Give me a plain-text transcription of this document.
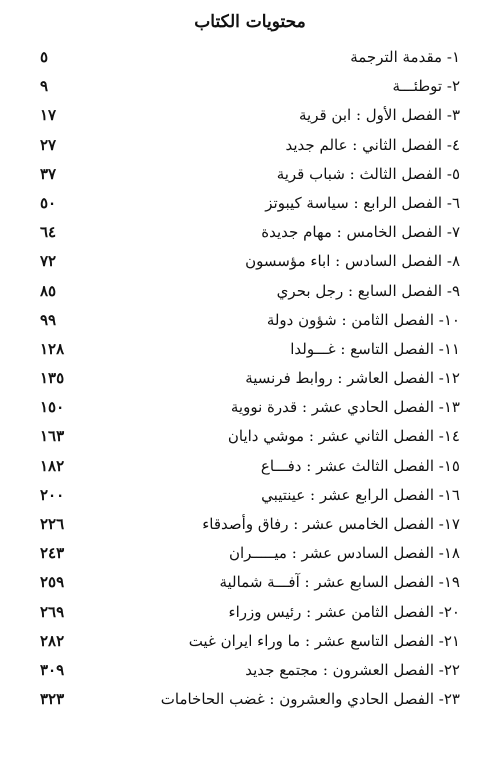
محتويات الكتاب
٥	١- مقدمة الترجمة
٩	٢- توطئـــة
١٧	٣- الفصل الأول : ابن قرية
٢٧	٤- الفصل الثاني : عالم جديد
٣٧	٥- الفصل الثالث : شباب قرية
٥٠	٦- الفصل الرابع : سياسة كيبوتز
٦٤	٧- الفصل الخامس : مهام جديدة
٧٢	٨- الفصل السادس : اباء مؤسسون
٨٥	٩- الفصل السابع : رجل بحري
٩٩	١٠- الفصل الثامن : شؤون دولة
١٢٨	١١- الفصل التاسع : غـــولدا
١٣٥	١٢- الفصل العاشر : روابط فرنسية
١٥٠	١٣- الفصل الحادي عشر : قدرة نووية
١٦٣	١٤- الفصل الثاني عشر : موشي دايان
١٨٢	١٥- الفصل الثالث عشر : دفـــاع
٢٠٠	١٦- الفصل الرابع عشر : عينتيبي
٢٢٦	١٧- الفصل الخامس عشر : رفاق وأصدقاء
٢٤٣	١٨- الفصل السادس عشر : ميـــــران
٢٥٩	١٩- الفصل السابع عشر : آفـــة شمالية
٢٦٩	٢٠- الفصل الثامن عشر : رئيس وزراء
٢٨٢	٢١- الفصل التاسع عشر : ما وراء ايران غيت
٣٠٩	٢٢- الفصل العشرون : مجتمع جديد
٣٢٣	٢٣- الفصل الحادي والعشرون : غضب الحاخامات
